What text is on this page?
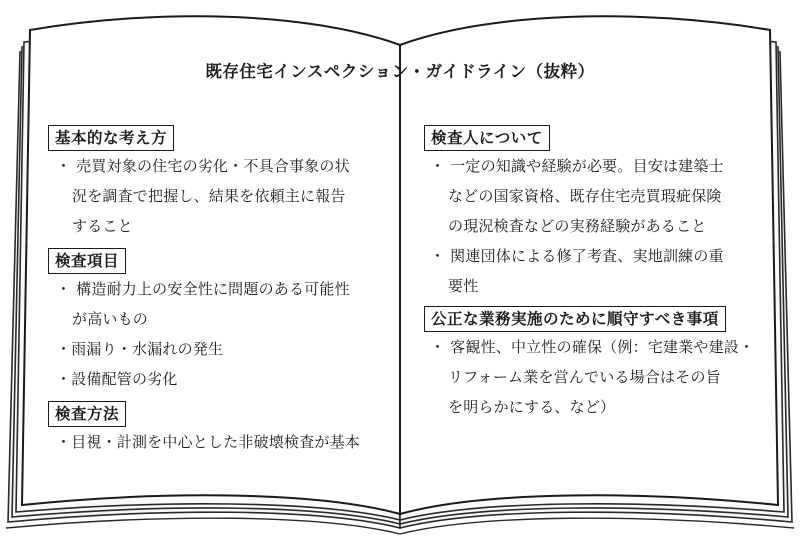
既存住宅インスペクション・ガイドライン（抜粋）
基本的な考え方
・ 売買対象の住宅の劣化・不具合事象の状
況を調査で把握し、結果を依頼主に報告
すること
検査項目
・ 構造耐力上の安全性に問題のある可能性
が高いもの
・雨漏り・水漏れの発生
・設備配管の劣化
検査方法
・目視・計測を中心とした非破壊検査が基本
検査人について
・ 一定の知識や経験が必要。目安は建築士
などの国家資格、既存住宅売買瑕疵保険
の現況検査などの実務経験があること
・ 関連団体による修了考査、実地訓練の重
要性
公正な業務実施のために順守すべき事項
・ 客観性、中立性の確保（例：宅建業や建設・
リフォーム業を営んでいる場合はその旨
を明らかにする、など）
